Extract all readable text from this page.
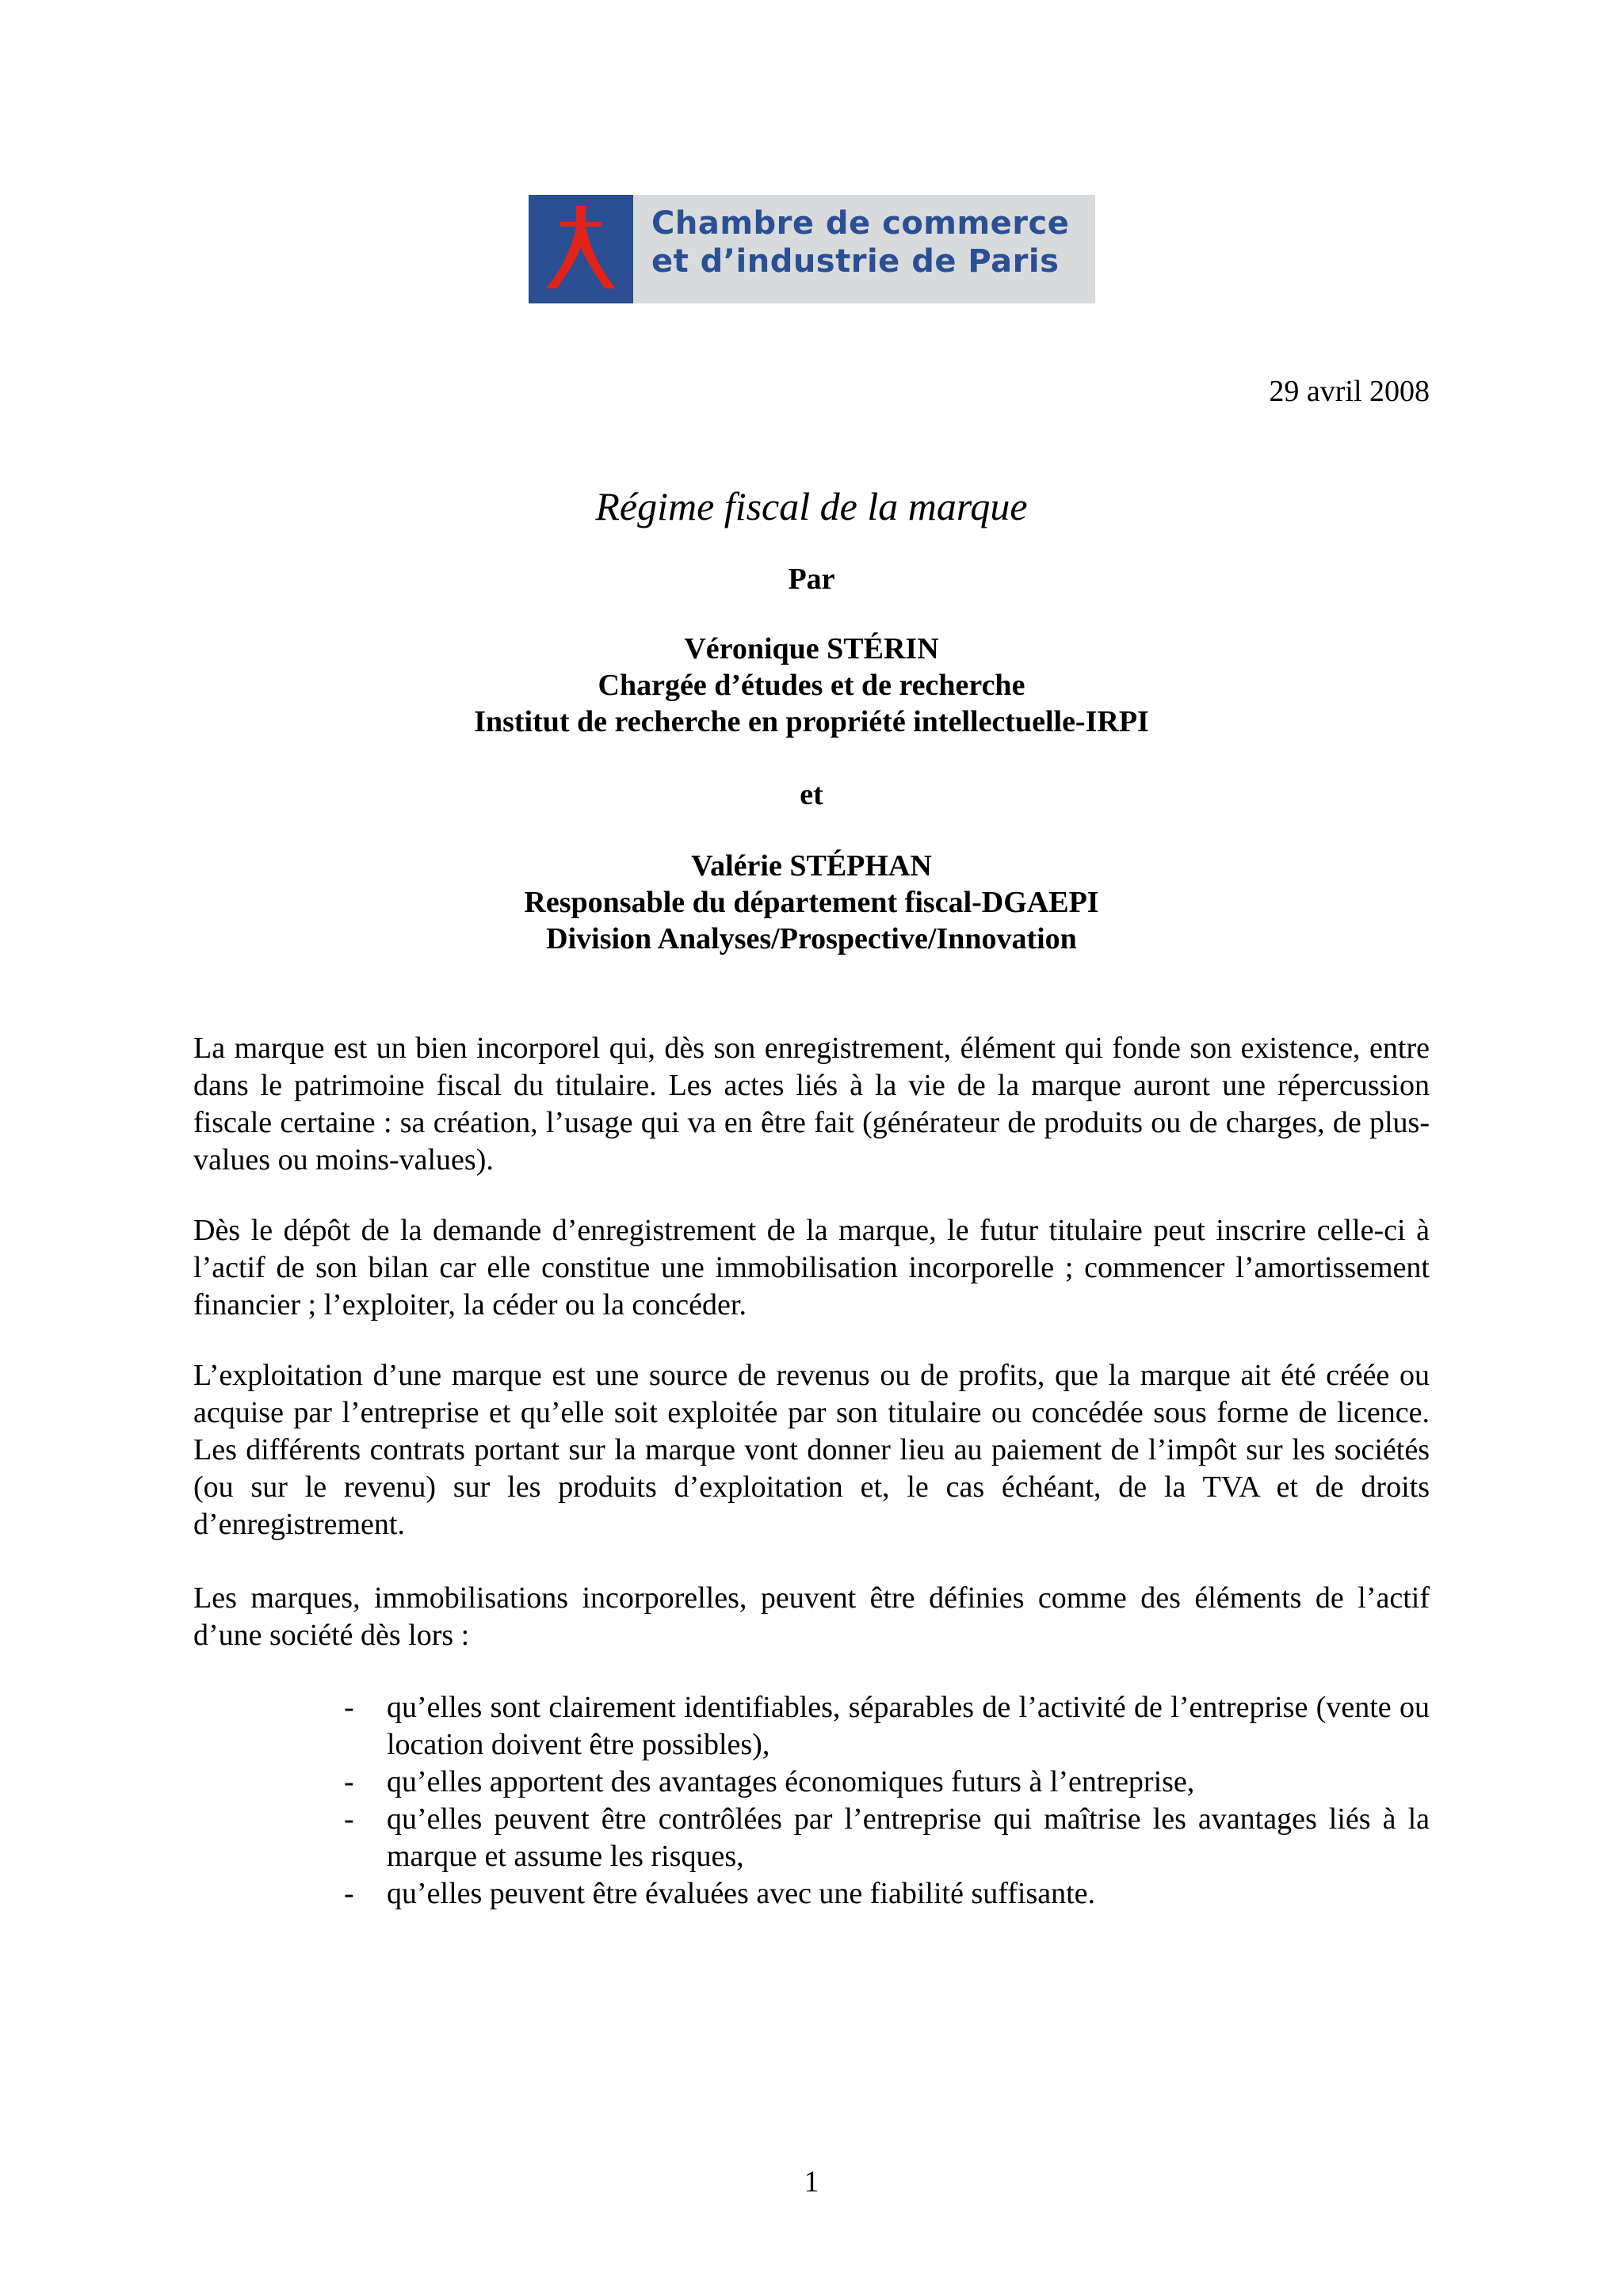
Chambre de commerce
et d’industrie de Paris
29 avril 2008
Régime fiscal de la marque
Par
Véronique STÉRIN
Chargée d’études et de recherche
Institut de recherche en propriété intellectuelle-IRPI
et
Valérie STÉPHAN
Responsable du département fiscal-DGAEPI
Division Analyses/Prospective/Innovation

La marque est un bien incorporel qui, dès son enregistrement, élément qui fonde son existence, entre dans le patrimoine fiscal du titulaire. Les actes liés à la vie de la marque auront une répercussion fiscale certaine : sa création, l’usage qui va en être fait (générateur de produits ou de charges, de plus-values ou moins-values).

Dès le dépôt de la demande d’enregistrement de la marque, le futur titulaire peut inscrire celle-ci à l’actif de son bilan car elle constitue une immobilisation incorporelle ; commencer l’amortissement financier ; l’exploiter, la céder ou la concéder.

L’exploitation d’une marque est une source de revenus ou de profits, que la marque ait été créée ou acquise par l’entreprise et qu’elle soit exploitée par son titulaire ou concédée sous forme de licence. Les différents contrats portant sur la marque vont donner lieu au paiement de l’impôt sur les sociétés (ou sur le revenu) sur les produits d’exploitation et, le cas échéant, de la TVA et de droits d’enregistrement.

Les marques, immobilisations incorporelles, peuvent être définies comme des éléments de l’actif d’une société dès lors :

- qu’elles sont clairement identifiables, séparables de l’activité de l’entreprise (vente ou location doivent être possibles),
- qu’elles apportent des avantages économiques futurs à l’entreprise,
- qu’elles peuvent être contrôlées par l’entreprise qui maîtrise les avantages liés à la marque et assume les risques,
- qu’elles peuvent être évaluées avec une fiabilité suffisante.
1
